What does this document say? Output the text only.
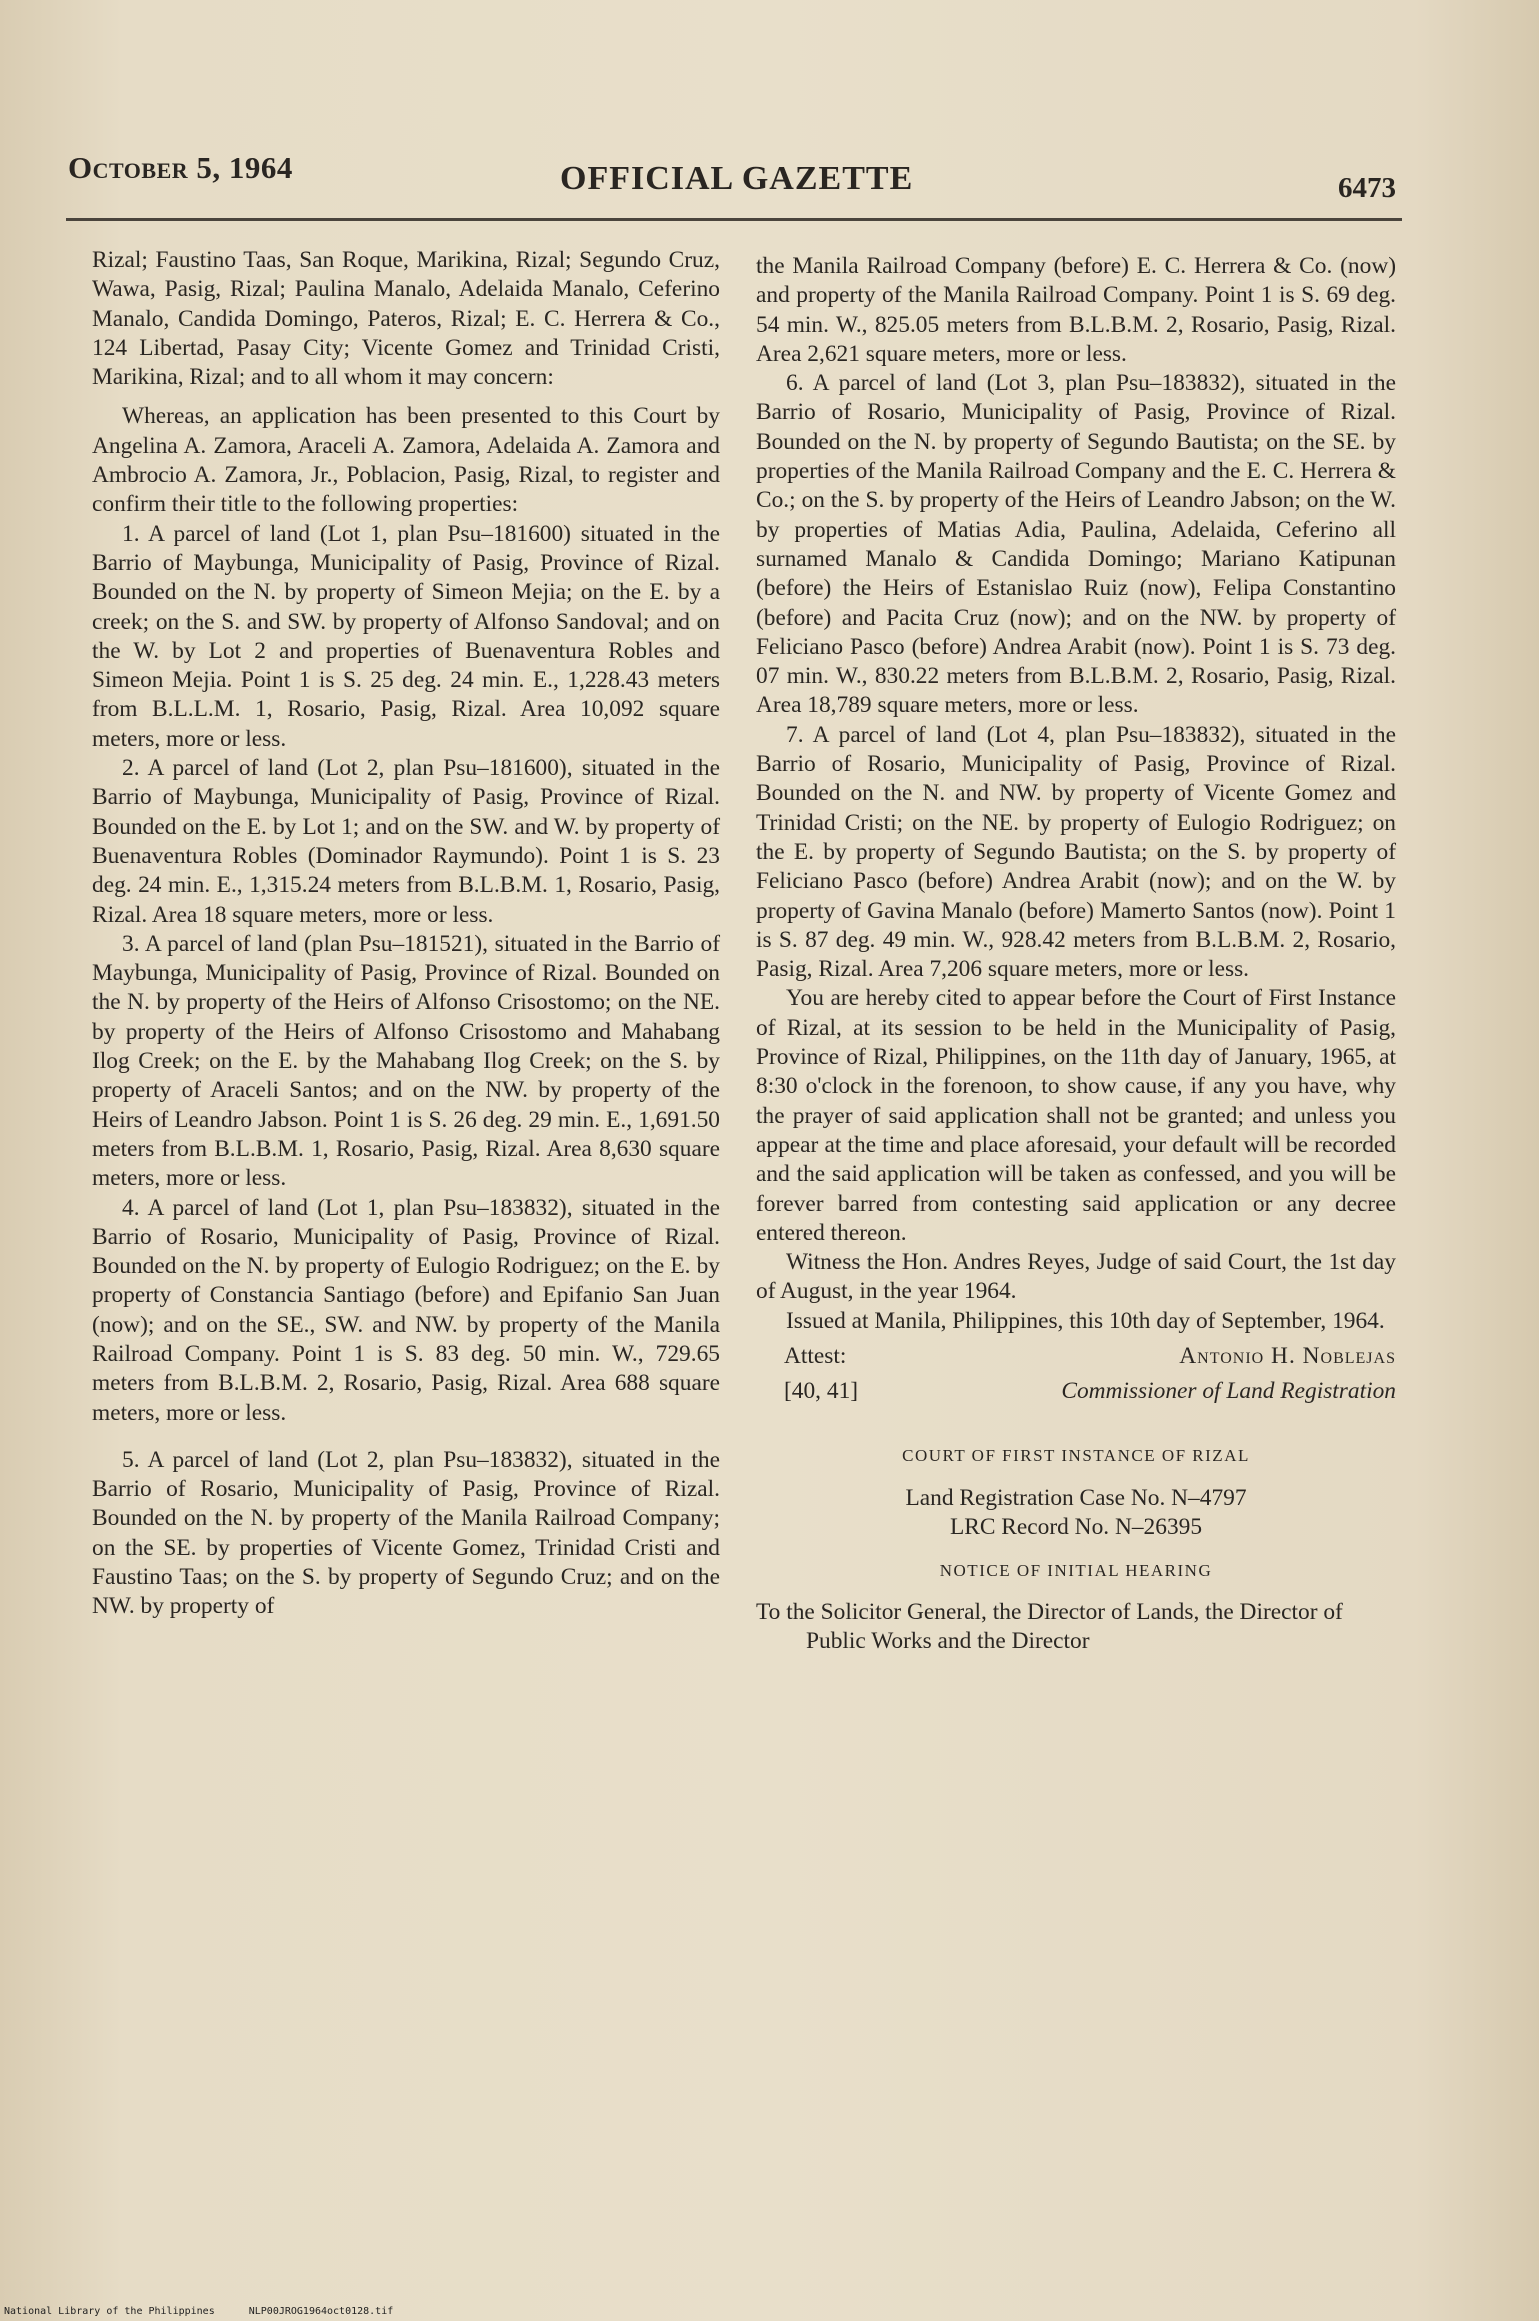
October 5, 1964	OFFICIAL GAZETTE	6473

Rizal; Faustino Taas, San Roque, Marikina, Rizal; Segundo Cruz, Wawa, Pasig, Rizal; Paulina Manalo, Adelaida Manalo, Ceferino Manalo, Candida Domingo, Pateros, Rizal; E. C. Herrera & Co., 124 Libertad, Pasay City; Vicente Gomez and Trinidad Cristi, Marikina, Rizal; and to all whom it may concern:

Whereas, an application has been presented to this Court by Angelina A. Zamora, Araceli A. Zamora, Adelaida A. Zamora and Ambrocio A. Zamora, Jr., Poblacion, Pasig, Rizal, to register and confirm their title to the following properties:

1. A parcel of land (Lot 1, plan Psu–181600) situated in the Barrio of Maybunga, Municipality of Pasig, Province of Rizal. Bounded on the N. by property of Simeon Mejia; on the E. by a creek; on the S. and SW. by property of Alfonso Sandoval; and on the W. by Lot 2 and properties of Buenaventura Robles and Simeon Mejia. Point 1 is S. 25 deg. 24 min. E., 1,228.43 meters from B.L.L.M. 1, Rosario, Pasig, Rizal. Area 10,092 square meters, more or less.

2. A parcel of land (Lot 2, plan Psu–181600), situated in the Barrio of Maybunga, Municipality of Pasig, Province of Rizal. Bounded on the E. by Lot 1; and on the SW. and W. by property of Buenaventura Robles (Dominador Raymundo). Point 1 is S. 23 deg. 24 min. E., 1,315.24 meters from B.L.B.M. 1, Rosario, Pasig, Rizal. Area 18 square meters, more or less.

3. A parcel of land (plan Psu–181521), situated in the Barrio of Maybunga, Municipality of Pasig, Province of Rizal. Bounded on the N. by property of the Heirs of Alfonso Crisostomo; on the NE. by property of the Heirs of Alfonso Crisostomo and Mahabang Ilog Creek; on the E. by the Mahabang Ilog Creek; on the S. by property of Araceli Santos; and on the NW. by property of the Heirs of Leandro Jabson. Point 1 is S. 26 deg. 29 min. E., 1,691.50 meters from B.L.B.M. 1, Rosario, Pasig, Rizal. Area 8,630 square meters, more or less.

4. A parcel of land (Lot 1, plan Psu–183832), situated in the Barrio of Rosario, Municipality of Pasig, Province of Rizal. Bounded on the N. by property of Eulogio Rodriguez; on the E. by property of Constancia Santiago (before) and Epifanio San Juan (now); and on the SE., SW. and NW. by property of the Manila Railroad Company. Point 1 is S. 83 deg. 50 min. W., 729.65 meters from B.L.B.M. 2, Rosario, Pasig, Rizal. Area 688 square meters, more or less.

5. A parcel of land (Lot 2, plan Psu–183832), situated in the Barrio of Rosario, Municipality of Pasig, Province of Rizal. Bounded on the N. by property of the Manila Railroad Company; on the SE. by properties of Vicente Gomez, Trinidad Cristi and Faustino Taas; on the S. by property of Segundo Cruz; and on the NW. by property of

the Manila Railroad Company (before) E. C. Herrera & Co. (now) and property of the Manila Railroad Company. Point 1 is S. 69 deg. 54 min. W., 825.05 meters from B.L.B.M. 2, Rosario, Pasig, Rizal. Area 2,621 square meters, more or less.

6. A parcel of land (Lot 3, plan Psu–183832), situated in the Barrio of Rosario, Municipality of Pasig, Province of Rizal. Bounded on the N. by property of Segundo Bautista; on the SE. by properties of the Manila Railroad Company and the E. C. Herrera & Co.; on the S. by property of the Heirs of Leandro Jabson; on the W. by properties of Matias Adia, Paulina, Adelaida, Ceferino all surnamed Manalo & Candida Domingo; Mariano Katipunan (before) the Heirs of Estanislao Ruiz (now), Felipa Constantino (before) and Pacita Cruz (now); and on the NW. by property of Feliciano Pasco (before) Andrea Arabit (now). Point 1 is S. 73 deg. 07 min. W., 830.22 meters from B.L.B.M. 2, Rosario, Pasig, Rizal. Area 18,789 square meters, more or less.

7. A parcel of land (Lot 4, plan Psu–183832), situated in the Barrio of Rosario, Municipality of Pasig, Province of Rizal. Bounded on the N. and NW. by property of Vicente Gomez and Trinidad Cristi; on the NE. by property of Eulogio Rodriguez; on the E. by property of Segundo Bautista; on the S. by property of Feliciano Pasco (before) Andrea Arabit (now); and on the W. by property of Gavina Manalo (before) Mamerto Santos (now). Point 1 is S. 87 deg. 49 min. W., 928.42 meters from B.L.B.M. 2, Rosario, Pasig, Rizal. Area 7,206 square meters, more or less.

You are hereby cited to appear before the Court of First Instance of Rizal, at its session to be held in the Municipality of Pasig, Province of Rizal, Philippines, on the 11th day of January, 1965, at 8:30 o'clock in the forenoon, to show cause, if any you have, why the prayer of said application shall not be granted; and unless you appear at the time and place aforesaid, your default will be recorded and the said application will be taken as confessed, and you will be forever barred from contesting said application or any decree entered thereon.

Witness the Hon. Andres Reyes, Judge of said Court, the 1st day of August, in the year 1964.

Issued at Manila, Philippines, this 10th day of September, 1964.

Attest:	Antonio H. Noblejas
[40, 41]	Commissioner of Land Registration

COURT OF FIRST INSTANCE OF RIZAL

Land Registration Case No. N–4797

LRC Record No. N–26395

NOTICE OF INITIAL HEARING

To the Solicitor General, the Director of Lands, the Director of Public Works and the Director

National Library of the Philippines	NLP00JROG1964oct0128.tif
